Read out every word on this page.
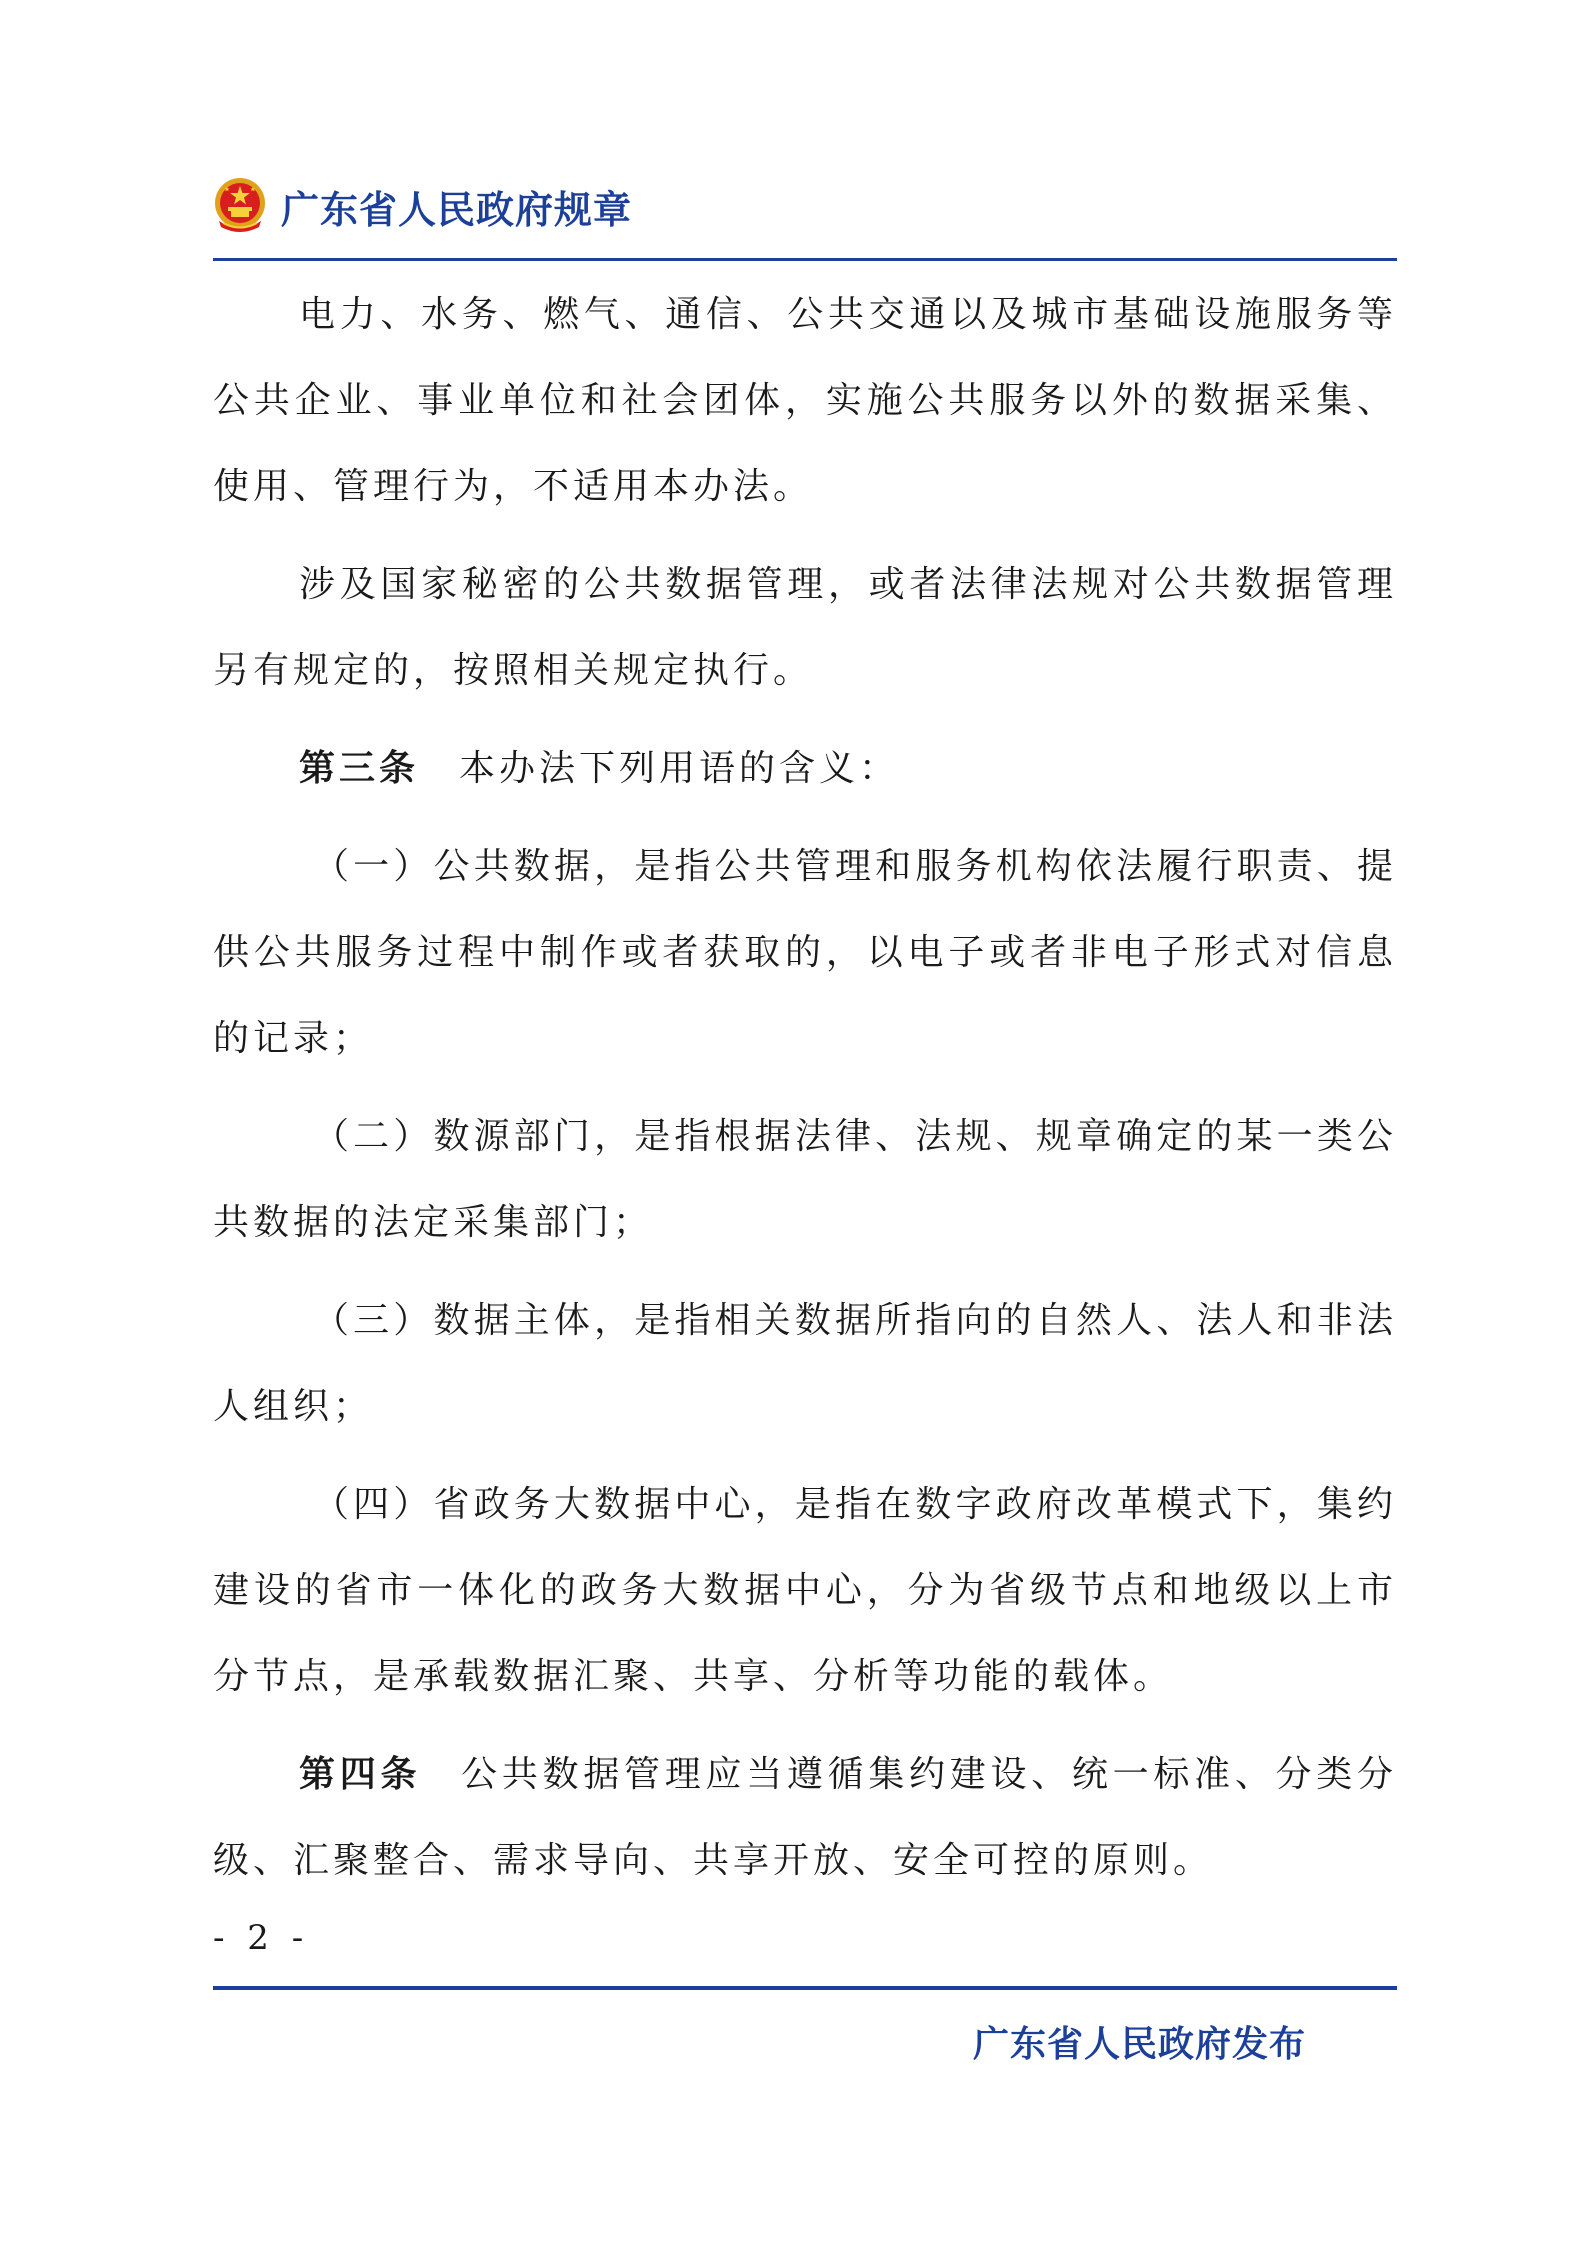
广东省人民政府规章

电力、水务、燃气、通信、公共交通以及城市基础设施服务等公共企业、事业单位和社会团体，实施公共服务以外的数据采集、使用、管理行为，不适用本办法。

涉及国家秘密的公共数据管理，或者法律法规对公共数据管理另有规定的，按照相关规定执行。

第三条 本办法下列用语的含义：

（一）公共数据，是指公共管理和服务机构依法履行职责、提供公共服务过程中制作或者获取的，以电子或者非电子形式对信息的记录；

（二）数源部门，是指根据法律、法规、规章确定的某一类公共数据的法定采集部门；

（三）数据主体，是指相关数据所指向的自然人、法人和非法人组织；

（四）省政务大数据中心，是指在数字政府改革模式下，集约建设的省市一体化的政务大数据中心，分为省级节点和地级以上市分节点，是承载数据汇聚、共享、分析等功能的载体。

第四条 公共数据管理应当遵循集约建设、统一标准、分类分级、汇聚整合、需求导向、共享开放、安全可控的原则。

- 2 -
广东省人民政府发布
